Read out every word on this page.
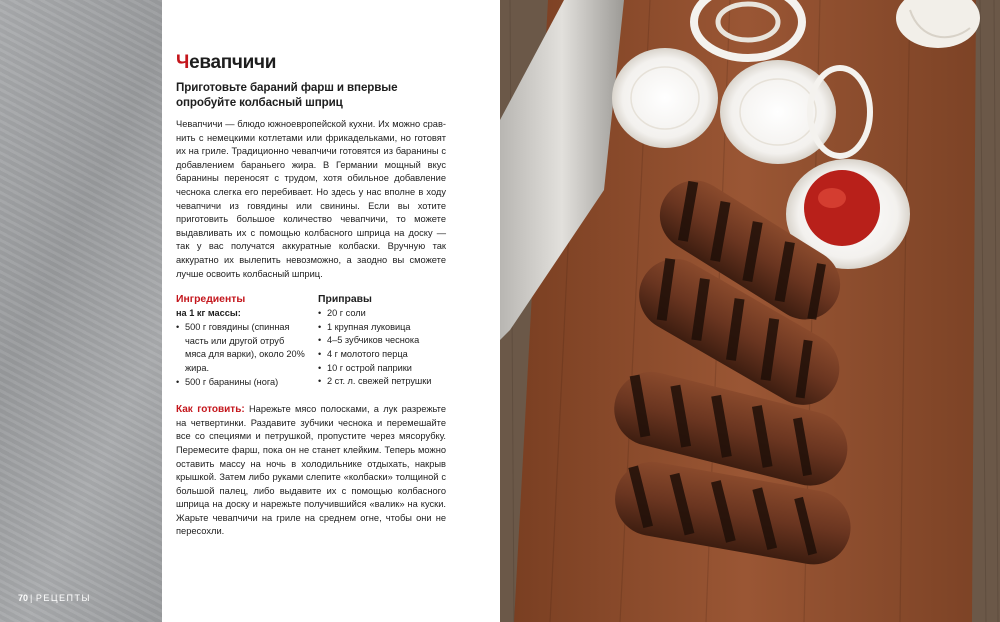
70 | РЕЦЕПТЫ
Чевапчичи
Приготовьте бараний фарш и впервые опробуйте колбасный шприц

Чевапчичи — блюдо южноевропейской кухни. Их можно сравнить с немецкими котлетами или фрикадельками, но готовят их на гриле. Традиционно чевапчичи готовятся из баранины с добавлением бараньего жира. В Германии мощный вкус баранины переносят с трудом, хотя обильное добавление чеснока слегка его перебивает. Но здесь у нас вполне в ходу чевапчичи из говядины или свинины. Если вы хотите приготовить большое количество чевапчичи, то можете выдавливать их с помощью колбасного шприца на доску — так у вас получатся аккуратные колбаски. Вручную так аккуратно их вылепить невозможно, а заодно вы сможете лучше освоить колбасный шприц.

Ингредиенты
на 1 кг массы:
• 500 г говядины (спинная часть или другой отруб мяса для варки), около 20% жира.
• 500 г баранины (нога)
Приправы
• 20 г соли
• 1 крупная луковица
• 4–5 зубчиков чеснока
• 4 г молотого перца
• 10 г острой паприки
• 2 ст. л. свежей петрушки

Как готовить: Нарежьте мясо полосками, а лук разрежьте на четвертинки. Раздавите зубчики чеснока и перемешайте все со специями и петрушкой, пропустите через мясорубку. Перемесите фарш, пока он не станет клейким. Теперь можно оставить массу на ночь в холодильнике отдыхать, накрыв крышкой. Затем либо руками слепите «колбаски» толщиной с большой палец, либо выдавите их с помощью колбасного шприца на доску и нарежьте получившийся «валик» на куски. Жарьте чевапчичи на гриле на среднем огне, чтобы они не пересохли.
